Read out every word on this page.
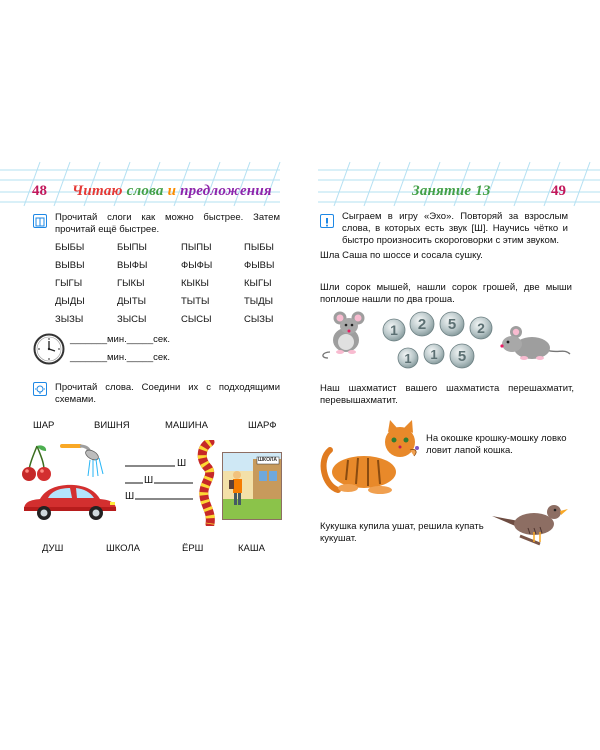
48 Читаю слова и предложения
Прочитай слоги как можно быстрее. Затем прочитай ещё быстрее.
БЫБЫ	БЫПЫ	ПЫПЫ	ПЫБЫ
ВЫВЫ	ВЫФЫ	ФЫФЫ	ФЫВЫ
ГЫГЫ	ГЫКЫ	КЫКЫ	КЫГЫ
ДЫДЫ	ДЫТЫ	ТЫТЫ	ТЫДЫ
ЗЫЗЫ	ЗЫСЫ	СЫСЫ	СЫЗЫ
_______мин._____сек.
_______мин._____сек.
Прочитай слова. Соедини их с подходящими схемами.
ШАР	ВИШНЯ	МАШИНА	ШАРФ
Ш
Ш
Ш
ШКОЛА
ДУШ	ШКОЛА	ЁРШ	КАША
Занятие 13	49
Сыграем в игру «Эхо». Повторяй за взрослым слова, в которых есть звук [Ш]. Научись чётко и быстро произносить скороговорки с этим звуком.
Шла Саша по шоссе и сосала сушку.
Шли сорок мышей, нашли сорок грошей, две мыши поплоше нашли по два гроша.
1 2 5 2
1 1 5
Наш шахматист вашего шахматиста перешахматит, перевышахматит.
На окошке крошку-мошку ловко ловит лапой кошка.
Кукушка купила ушат, решила купать кукушат.
